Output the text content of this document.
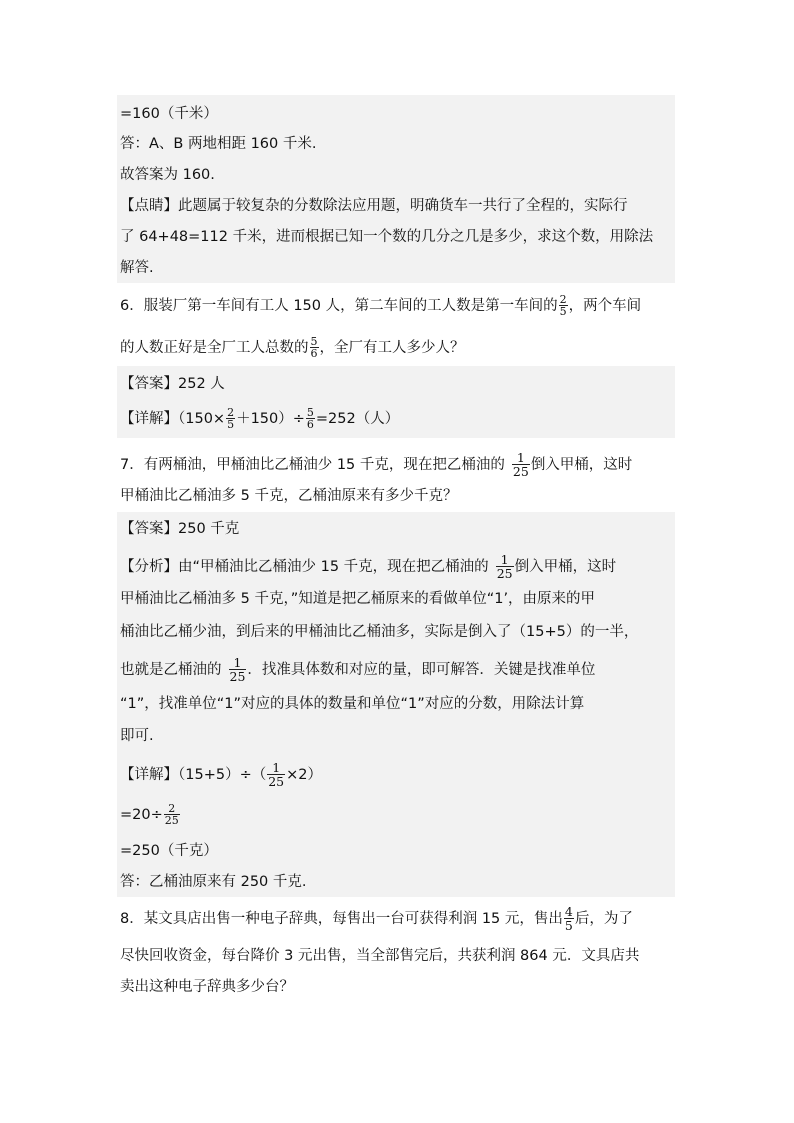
=160（千米）
答：A、B 两地相距 160 千米.
故答案为 160.
【点睛】此题属于较复杂的分数除法应用题，明确货车一共行了全程的，实际行
了 64+48=112 千米，进而根据已知一个数的几分之几是多少，求这个数，用除法
解答.
6．服装厂第一车间有工人 150 人，第二车间的工人数是第一车间的 $\frac{2}{5}$ ，两个车间
的人数正好是全厂工人总数的 $\frac{5}{6}$ ，全厂有工人多少人？
【答案】252 人
【详解】$(150\times \frac{2}{5} +150)\div \frac{5}{6} =252$（人）
7．有两桶油，甲桶油比乙桶油少 15 千克，现在把乙桶油的 $\frac{1}{25}$ 倒入甲桶，这时
甲桶油比乙桶油多 5 千克，乙桶油原来有多少千克？
【答案】250 千克
【分析】由“甲桶油比乙桶油少 15 千克，现在把乙桶油的 $\frac{1}{25}$ 倒入甲桶，这时
甲桶油比乙桶油多 5 千克，”知道是把乙桶原来的看做单位“1’，由原来的甲
桶油比乙桶少油，到后来的甲桶油比乙桶油多，实际是倒入了（15+5）的一半，
也就是乙桶油的 $\frac{1}{25}$ ．找准具体数和对应的量，即可解答．关键是找准单位
“1”，找准单位“1”对应的具体的数量和单位“1”对应的分数，用除法计算
即可.
【详解】$(15+5)\div( \frac{1}{25} \times 2)$
$=20\div \frac{2}{25}$
=250（千克）
答：乙桶油原来有 250 千克.
8．某文具店出售一种电子辞典，每售出一台可获得利润 15 元，售出 $\frac{4}{5}$ 后，为了
尽快回收资金，每台降价 3 元出售，当全部售完后，共获利润 864 元．文具店共
卖出这种电子辞典多少台？
